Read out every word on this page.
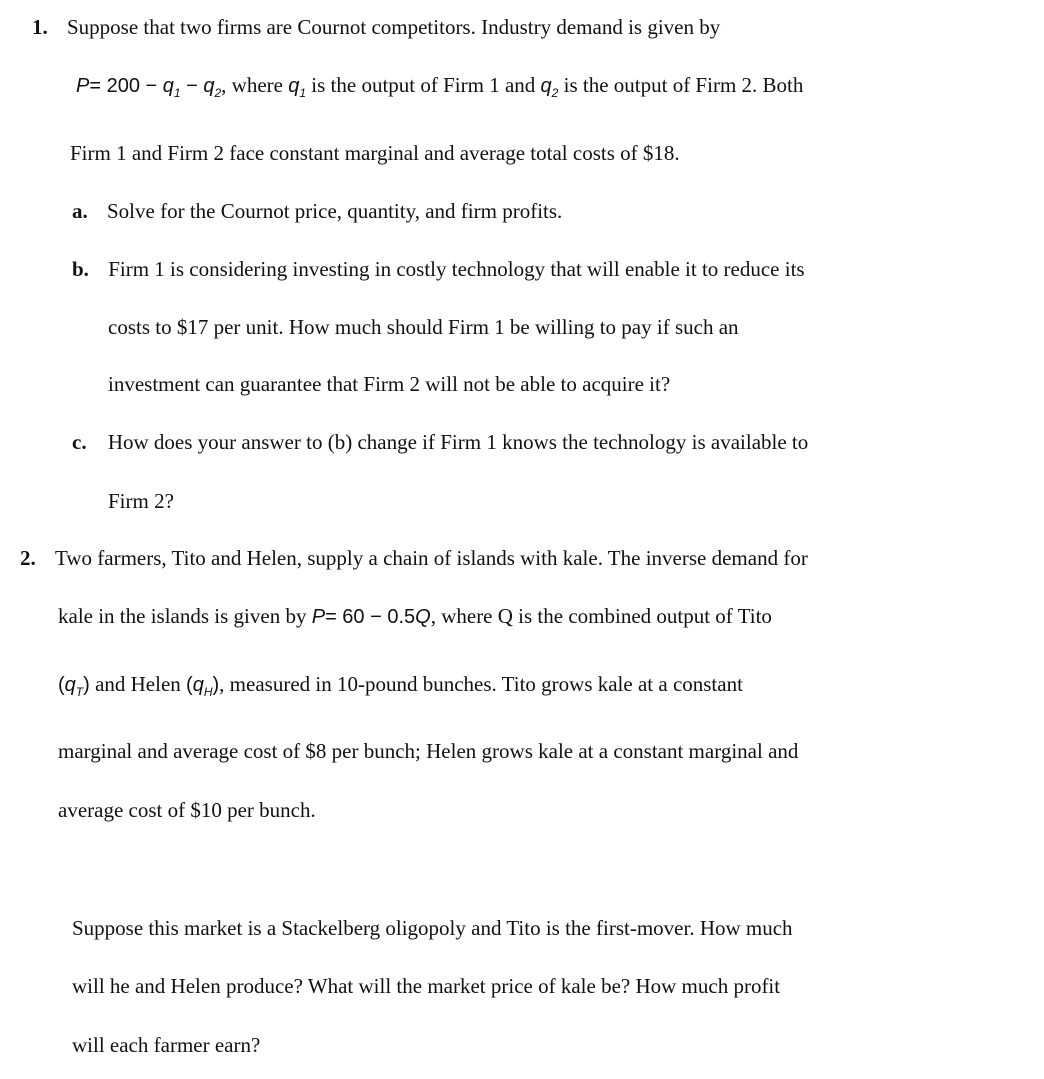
1. Suppose that two firms are Cournot competitors. Industry demand is given by
$P= 200 - q_1 - q_2$, where $q_1$ is the output of Firm 1 and $q_2$ is the output of Firm 2. Both
Firm 1 and Firm 2 face constant marginal and average total costs of $18.
a. Solve for the Cournot price, quantity, and firm profits.
b. Firm 1 is considering investing in costly technology that will enable it to reduce its
costs to $17 per unit. How much should Firm 1 be willing to pay if such an
investment can guarantee that Firm 2 will not be able to acquire it?
c. How does your answer to (b) change if Firm 1 knows the technology is available to
Firm 2?
2. Two farmers, Tito and Helen, supply a chain of islands with kale. The inverse demand for
kale in the islands is given by P= 60 − 0.5Q, where Q is the combined output of Tito
$(q_T)$ and Helen $(q_H)$, measured in 10-pound bunches. Tito grows kale at a constant
marginal and average cost of $8 per bunch; Helen grows kale at a constant marginal and
average cost of $10 per bunch.
Suppose this market is a Stackelberg oligopoly and Tito is the first-mover. How much
will he and Helen produce? What will the market price of kale be? How much profit
will each farmer earn?
